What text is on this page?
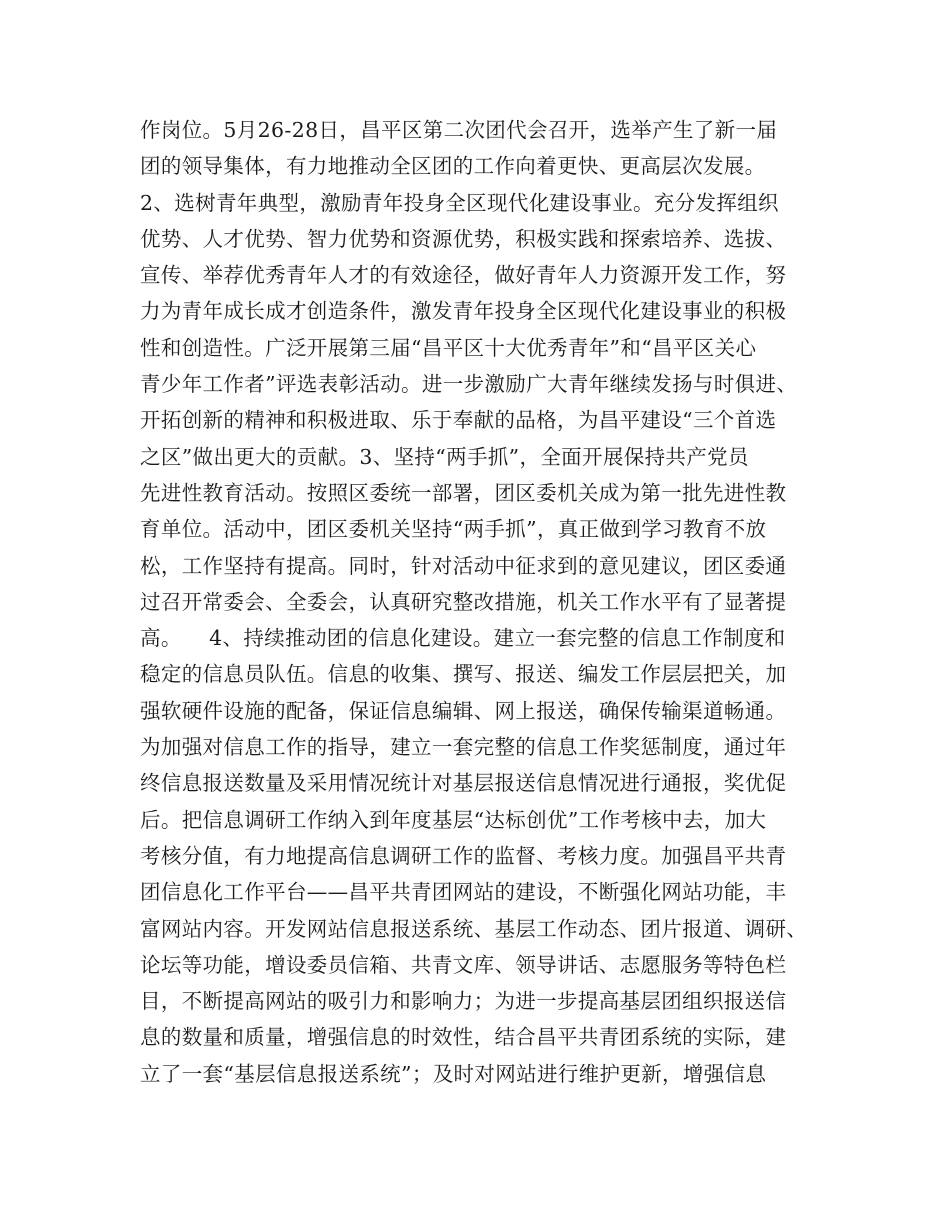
作岗位。5月26-28日，昌平区第二次团代会召开，选举产生了新一届
团的领导集体，有力地推动全区团的工作向着更快、更高层次发展。
2、选树青年典型，激励青年投身全区现代化建设事业。充分发挥组织
优势、人才优势、智力优势和资源优势，积极实践和探索培养、选拔、
宣传、举荐优秀青年人才的有效途径，做好青年人力资源开发工作，努
力为青年成长成才创造条件，激发青年投身全区现代化建设事业的积极
性和创造性。广泛开展第三届“昌平区十大优秀青年”和“昌平区关心
青少年工作者”评选表彰活动。进一步激励广大青年继续发扬与时俱进、
开拓创新的精神和积极进取、乐于奉献的品格，为昌平建设“三个首选
之区”做出更大的贡献。3、坚持“两手抓”，全面开展保持共产党员
先进性教育活动。按照区委统一部署，团区委机关成为第一批先进性教
育单位。活动中，团区委机关坚持“两手抓”，真正做到学习教育不放
松，工作坚持有提高。同时，针对活动中征求到的意见建议，团区委通
过召开常委会、全委会，认真研究整改措施，机关工作水平有了显著提
高。    4、持续推动团的信息化建设。建立一套完整的信息工作制度和
稳定的信息员队伍。信息的收集、撰写、报送、编发工作层层把关，加
强软硬件设施的配备，保证信息编辑、网上报送，确保传输渠道畅通。
为加强对信息工作的指导，建立一套完整的信息工作奖惩制度，通过年
终信息报送数量及采用情况统计对基层报送信息情况进行通报，奖优促
后。把信息调研工作纳入到年度基层“达标创优”工作考核中去，加大
考核分值，有力地提高信息调研工作的监督、考核力度。加强昌平共青
团信息化工作平台——昌平共青团网站的建设，不断强化网站功能，丰
富网站内容。开发网站信息报送系统、基层工作动态、团片报道、调研、
论坛等功能，增设委员信箱、共青文库、领导讲话、志愿服务等特色栏
目，不断提高网站的吸引力和影响力；为进一步提高基层团组织报送信
息的数量和质量，增强信息的时效性，结合昌平共青团系统的实际，建
立了一套“基层信息报送系统”；及时对网站进行维护更新，增强信息
